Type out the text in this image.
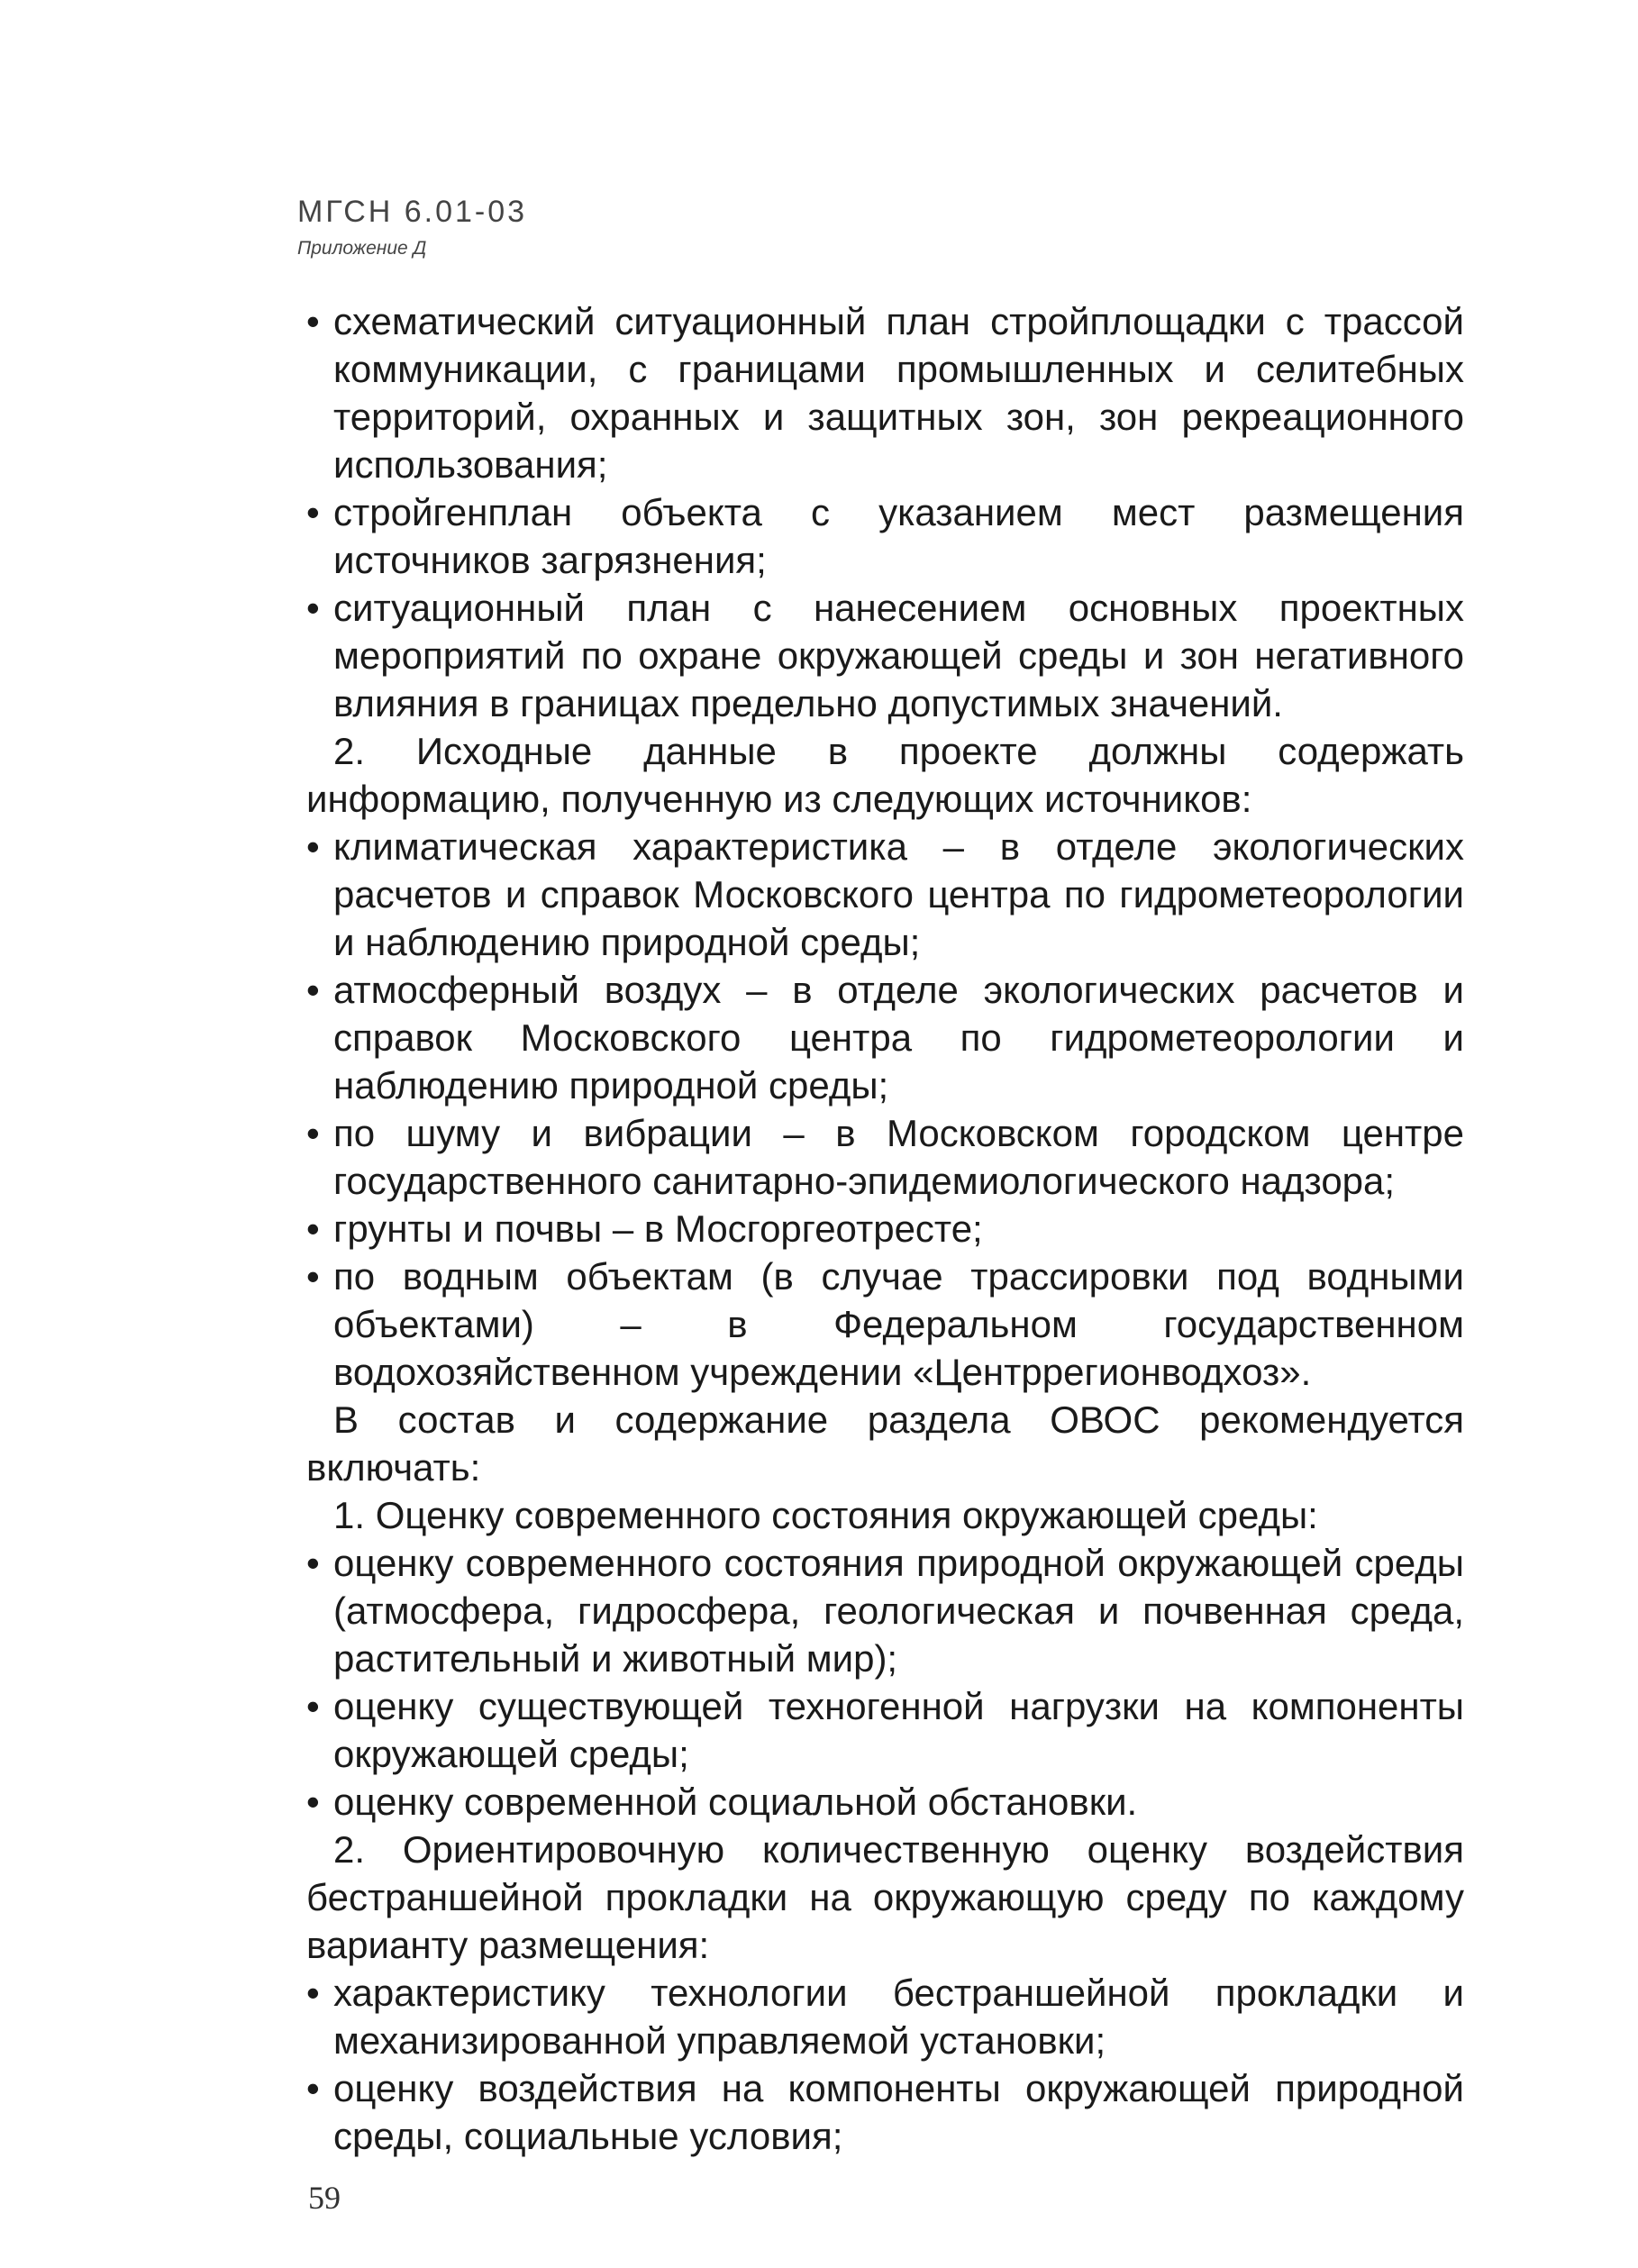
МГСН 6.01-03
Приложение Д
• схематический ситуационный план стройплощадки с трассой коммуникации, с границами промышленных и селитебных территорий, охранных и защитных зон, зон рекреационного использования;
• стройгенплан объекта с указанием мест размещения источников загрязнения;
• ситуационный план с нанесением основных проектных мероприятий по охране окружающей среды и зон негативного влияния в границах предельно допустимых значений.
2. Исходные данные в проекте должны содержать информацию, полученную из следующих источников:
• климатическая характеристика – в отделе экологических расчетов и справок Московского центра по гидрометеорологии и наблюдению природной среды;
• атмосферный воздух – в отделе экологических расчетов и справок Московского центра по гидрометеорологии и наблюдению природной среды;
• по шуму и вибрации – в Московском городском центре государственного санитарно-эпидемиологического надзора;
• грунты и почвы – в Мосгоргеотресте;
• по водным объектам (в случае трассировки под водными объектами) – в Федеральном государственном водохозяйственном учреждении «Центррегионводхоз».
В состав и содержание раздела ОВОС рекомендуется включать:
1. Оценку современного состояния окружающей среды:
• оценку современного состояния природной окружающей среды (атмосфера, гидросфера, геологическая и почвенная среда, растительный и животный мир);
• оценку существующей техногенной нагрузки на компоненты окружающей среды;
• оценку современной социальной обстановки.
2. Ориентировочную количественную оценку воздействия бестраншейной прокладки на окружающую среду по каждому варианту размещения:
• характеристику технологии бестраншейной прокладки и механизированной управляемой установки;
• оценку воздействия на компоненты окружающей природной среды, социальные условия;
59
